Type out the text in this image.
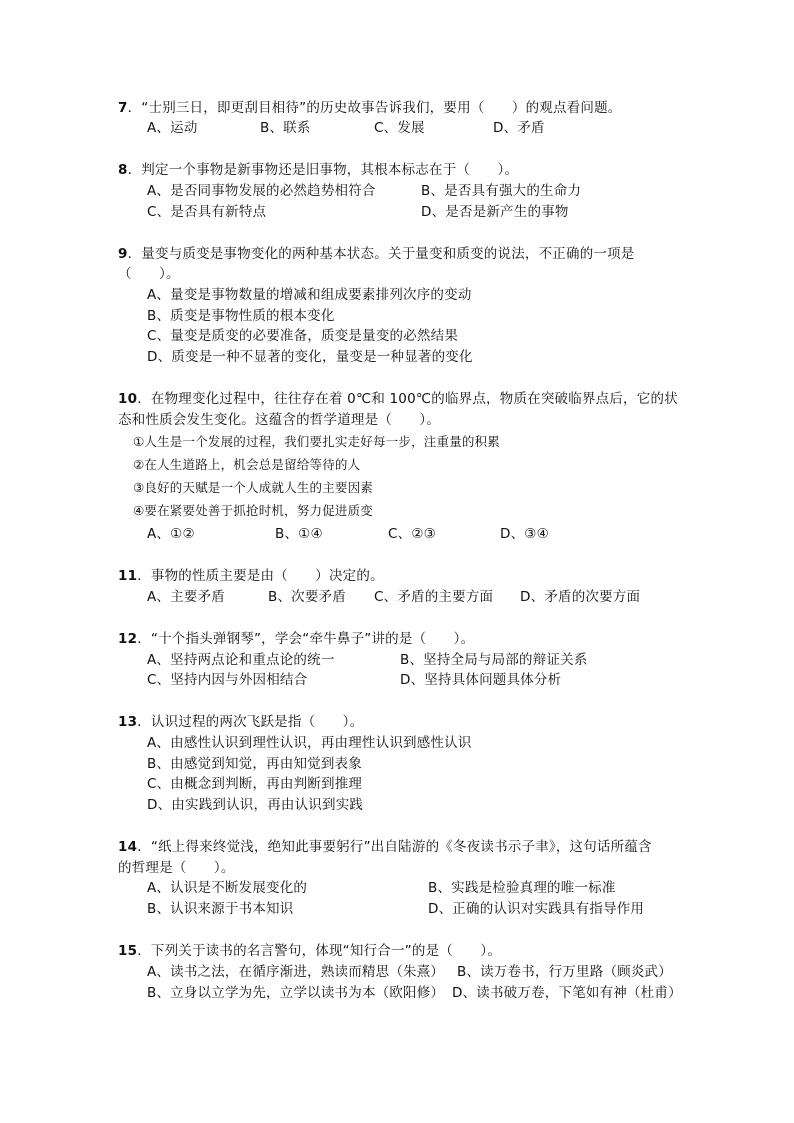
7．“士别三日，即更刮目相待”的历史故事告诉我们，要用（　　）的观点看问题。
A、运动	B、联系	C、发展	D、矛盾
8．判定一个事物是新事物还是旧事物，其根本标志在于（　　）。
A、是否同事物发展的必然趋势相符合	B、是否具有强大的生命力
C、是否具有新特点	D、是否是新产生的事物
9．量变与质变是事物变化的两种基本状态。关于量变和质变的说法，不正确的一项是
（　　）。
A、量变是事物数量的增减和组成要素排列次序的变动
B、质变是事物性质的根本变化
C、量变是质变的必要准备，质变是量变的必然结果
D、质变是一种不显著的变化，量变是一种显著的变化
10．在物理变化过程中，往往存在着 0℃和 100℃的临界点，物质在突破临界点后，它的状
态和性质会发生变化。这蕴含的哲学道理是（　　）。
①人生是一个发展的过程，我们要扎实走好每一步，注重量的积累
②在人生道路上，机会总是留给等待的人
③良好的天赋是一个人成就人生的主要因素
④要在紧要处善于抓抢时机，努力促进质变
A、①②	B、①④	C、②③	D、③④
11．事物的性质主要是由（　　）决定的。
A、主要矛盾	B、次要矛盾 C、矛盾的主要方面 D、矛盾的次要方面
12．“十个指头弹钢琴”，学会“牵牛鼻子”讲的是（　　）。
A、坚持两点论和重点论的统一	B、坚持全局与局部的辩证关系
C、坚持内因与外因相结合	D、坚持具体问题具体分析
13．认识过程的两次飞跃是指（　　）。
A、由感性认识到理性认识，再由理性认识到感性认识
B、由感觉到知觉，再由知觉到表象
C、由概念到判断，再由判断到推理
D、由实践到认识，再由认识到实践
14．“纸上得来终觉浅，绝知此事要躬行”出自陆游的《冬夜读书示子聿》，这句话所蕴含
的哲理是（　　）。
A、认识是不断发展变化的	B、实践是检验真理的唯一标准
B、认识来源于书本知识	D、正确的认识对实践具有指导作用
15．下列关于读书的名言警句，体现“知行合一”的是（　　）。
A、读书之法，在循序渐进，熟读而精思（朱熹） B、读万卷书，行万里路（顾炎武）
B、立身以立学为先，立学以读书为本（欧阳修） D、读书破万卷，下笔如有神（杜甫）
